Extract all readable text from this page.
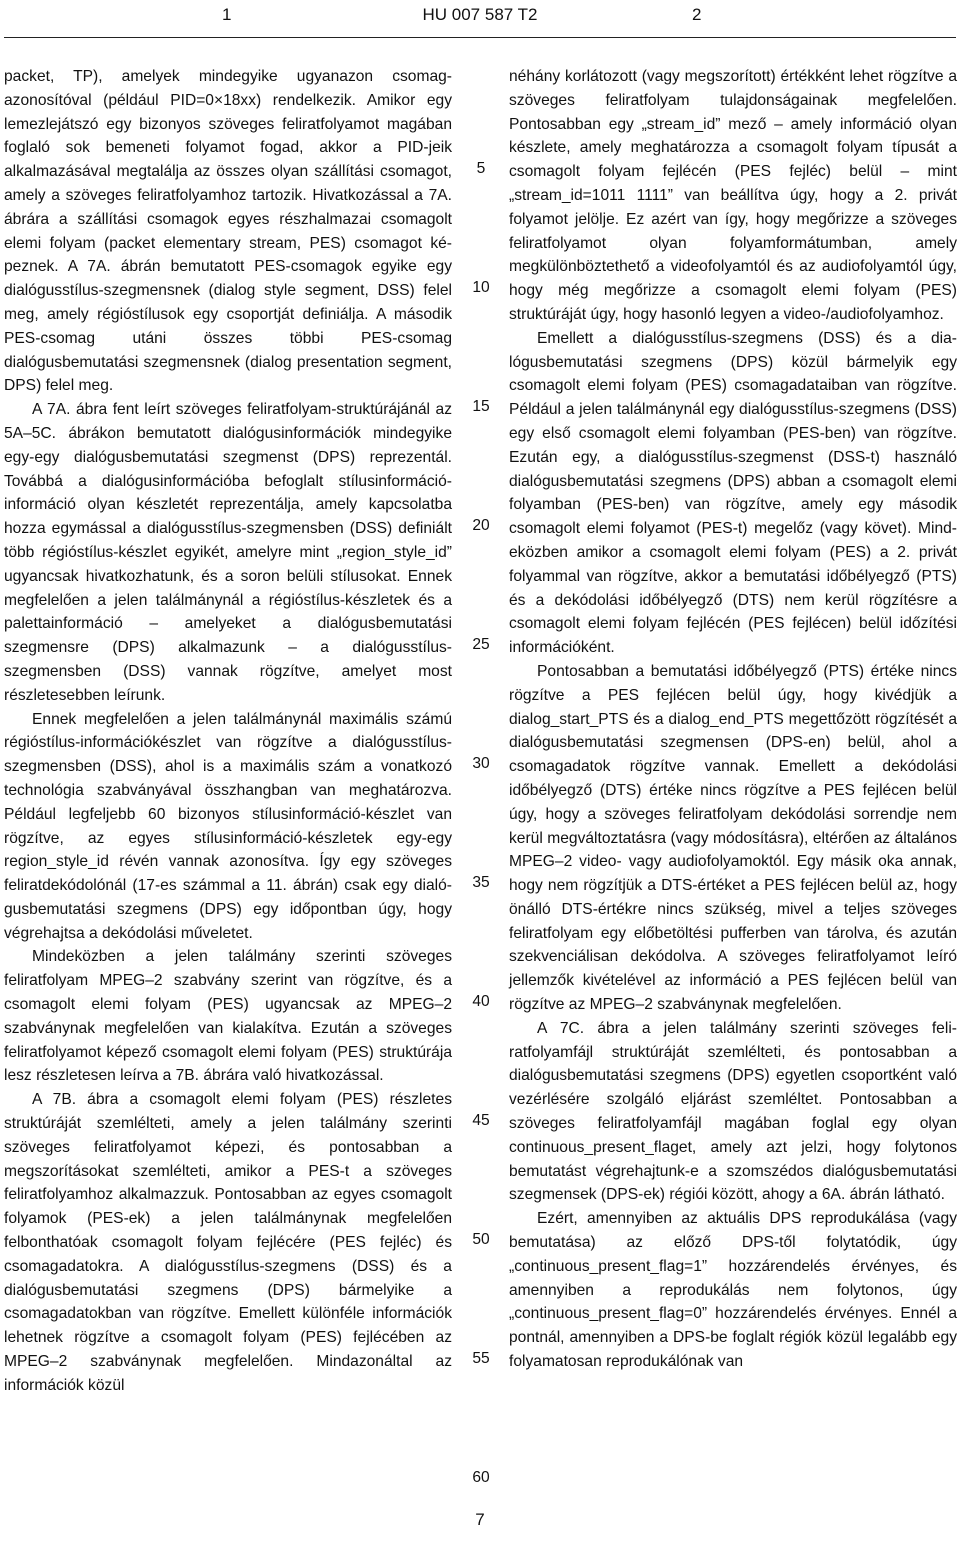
1	HU 007 587 T2	2

packet, TP), amelyek mindegyike ugyanazon csomagazonosítóval (például PID=0×18xx) rendelkezik. Amikor egy lemezlejátszó egy bizonyos szöveges feliratfolyamot magában foglaló sok bemeneti folyamot fogad, akkor a PID-jeik alkalmazásával megtalálja az összes olyan szállítási csomagot, amely a szöveges feliratfolyamhoz tartozik. Hivatkozással a 7A. ábrára a szállítási csomagok egyes részhalmazai csomagolt elemi folyam (packet elementary stream, PES) csomagot képeznek. A 7A. ábrán bemutatott PES-csomagok egyike egy dialógusstílus-szegmensnek (dialog style segment, DSS) felel meg, amely régióstílusok egy csoportját definiálja. A második PES-csomag utáni összes többi PES-csomag dialógusbemutatási szegmensnek (dialog presentation segment, DPS) felel meg.

A 7A. ábra fent leírt szöveges feliratfolyam-struktúrájánál az 5A–5C. ábrákon bemutatott dialógusinformációk mindegyike egy-egy dialógusbemutatási szegmenst (DPS) reprezentál. Továbbá a dialógusinformációba befoglalt stílusinformáció-információ olyan készletét reprezentálja, amely kapcsolatba hozza egymással a dialógusstílus-szegmensben (DSS) definiált több régióstílus-készlet egyikét, amelyre mint „region_style_id” ugyancsak hivatkozhatunk, és a soron belüli stílusokat. Ennek megfelelően a jelen találmánynál a régióstílus-készletek és a palettainformáció – amelyeket a dialógusbemutatási szegmensre (DPS) alkalmazunk – a dialógusstílus-szegmensben (DSS) vannak rögzítve, amelyet most részletesebben leírunk.

Ennek megfelelően a jelen találmánynál maximális számú régióstílus-információkészlet van rögzítve a dialógusstílus-szegmensben (DSS), ahol is a maximális szám a vonatkozó technológia szabványával összhangban van meghatározva. Például legfeljebb 60 bizonyos stílusinformáció-készlet van rögzítve, az egyes stílusinformáció-készletek egy-egy region_style_id révén vannak azonosítva. Így egy szöveges feliratdekódolónál (17-es számmal a 11. ábrán) csak egy dialógusbemutatási szegmens (DPS) egy időpontban úgy, hogy végrehajtsa a dekódolási műveletet.

Mindeközben a jelen találmány szerinti szöveges feliratfolyam MPEG–2 szabvány szerint van rögzítve, és a csomagolt elemi folyam (PES) ugyancsak az MPEG–2 szabványnak megfelelően van kialakítva. Ezután a szöveges feliratfolyamot képező csomagolt elemi folyam (PES) struktúrája lesz részletesen leírva a 7B. ábrára való hivatkozással.

A 7B. ábra a csomagolt elemi folyam (PES) részletes struktúráját szemlélteti, amely a jelen találmány szerinti szöveges feliratfolyamot képezi, és pontosabban a megszorításokat szemlélteti, amikor a PES-t a szöveges feliratfolyamhoz alkalmazzuk. Pontosabban az egyes csomagolt folyamok (PES-ek) a jelen találmánynak megfelelően felbonthatóak csomagolt folyam fejlécére (PES fejléc) és csomagadatokra. A dialógusstílus-szegmens (DSS) és a dialógusbemutatási szegmens (DPS) bármelyike a csomagadatokban van rögzítve. Emellett különféle információk lehetnek rögzítve a csomagolt folyam (PES) fejlécében az MPEG–2 szabványnak megfelelően. Mindazonáltal az információk közül

néhány korlátozott (vagy megszorított) értékként lehet rögzítve a szöveges feliratfolyam tulajdonságainak megfelelően. Pontosabban egy „stream_id” mező – amely információ olyan készlete, amely meghatározza a csomagolt folyam típusát a csomagolt folyam fejlécén (PES fejléc) belül – mint „stream_id=1011 1111” van beállítva úgy, hogy a 2. privát folyamot jelölje. Ez azért van így, hogy megőrizze a szöveges feliratfolyamot olyan folyamformátumban, amely megkülönböztethető a videofolyamtól és az audiofolyamtól úgy, hogy még megőrizze a csomagolt elemi folyam (PES) struktúráját úgy, hogy hasonló legyen a video-/audiofolyamhoz.

Emellett a dialógusstílus-szegmens (DSS) és a dialógusbemutatási szegmens (DPS) közül bármelyik egy csomagolt elemi folyam (PES) csomagadataiban van rögzítve. Például a jelen találmánynál egy dialógusstílus-szegmens (DSS) egy első csomagolt elemi folyamban (PES-ben) van rögzítve. Ezután egy, a dialógusstílus-szegmenst (DSS-t) használó dialógusbemutatási szegmens (DPS) abban a csomagolt elemi folyamban (PES-ben) van rögzítve, amely egy második csomagolt elemi folyamot (PES-t) megelőz (vagy követ). Mindeközben amikor a csomagolt elemi folyam (PES) a 2. privát folyammal van rögzítve, akkor a bemutatási időbélyegző (PTS) és a dekódolási időbélyegző (DTS) nem kerül rögzítésre a csomagolt elemi folyam fejlécén (PES fejlécen) belül időzítési információként.

Pontosabban a bemutatási időbélyegző (PTS) értéke nincs rögzítve a PES fejlécen belül úgy, hogy kivédjük a dialog_start_PTS és a dialog_end_PTS megettőzött rögzítését a dialógusbemutatási szegmensen (DPS-en) belül, ahol a csomagadatok rögzítve vannak. Emellett a dekódolási időbélyegző (DTS) értéke nincs rögzítve a PES fejlécen belül úgy, hogy a szöveges feliratfolyam dekódolási sorrendje nem kerül megváltoztatásra (vagy módosításra), eltérően az általános MPEG–2 video- vagy audiofolyamoktól. Egy másik oka annak, hogy nem rögzítjük a DTS-értéket a PES fejlécen belül az, hogy önálló DTS-értékre nincs szükség, mivel a teljes szöveges feliratfolyam egy előbetöltési pufferben van tárolva, és azután szekvenciálisan dekódolva. A szöveges feliratfolyamot leíró jellemzők kivételével az információ a PES fejlécen belül van rögzítve az MPEG–2 szabványnak megfelelően.

A 7C. ábra a jelen találmány szerinti szöveges feliratfolyamfájl struktúráját szemlélteti, és pontosabban a dialógusbemutatási szegmens (DPS) egyetlen csoportként való vezérlésére szolgáló eljárást szemléltet. Pontosabban a szöveges feliratfolyamfájl magában foglal egy olyan continuous_present_flaget, amely azt jelzi, hogy folytonos bemutatást végrehajtunk-e a szomszédos dialógusbemutatási szegmensek (DPS-ek) régiói között, ahogy a 6A. ábrán látható.

Ezért, amennyiben az aktuális DPS reprodukálása (vagy bemutatása) az előző DPS-től folytatódik, úgy „continuous_present_flag=1” hozzárendelés érvényes, és amennyiben a reprodukálás nem folytonos, úgy „continuous_present_flag=0” hozzárendelés érvényes. Ennél a pontnál, amennyiben a DPS-be foglalt régiók közül legalább egy folyamatosan reprodukálónak van

5
10
15
20
25
30
35
40
45
50
55
60
7
